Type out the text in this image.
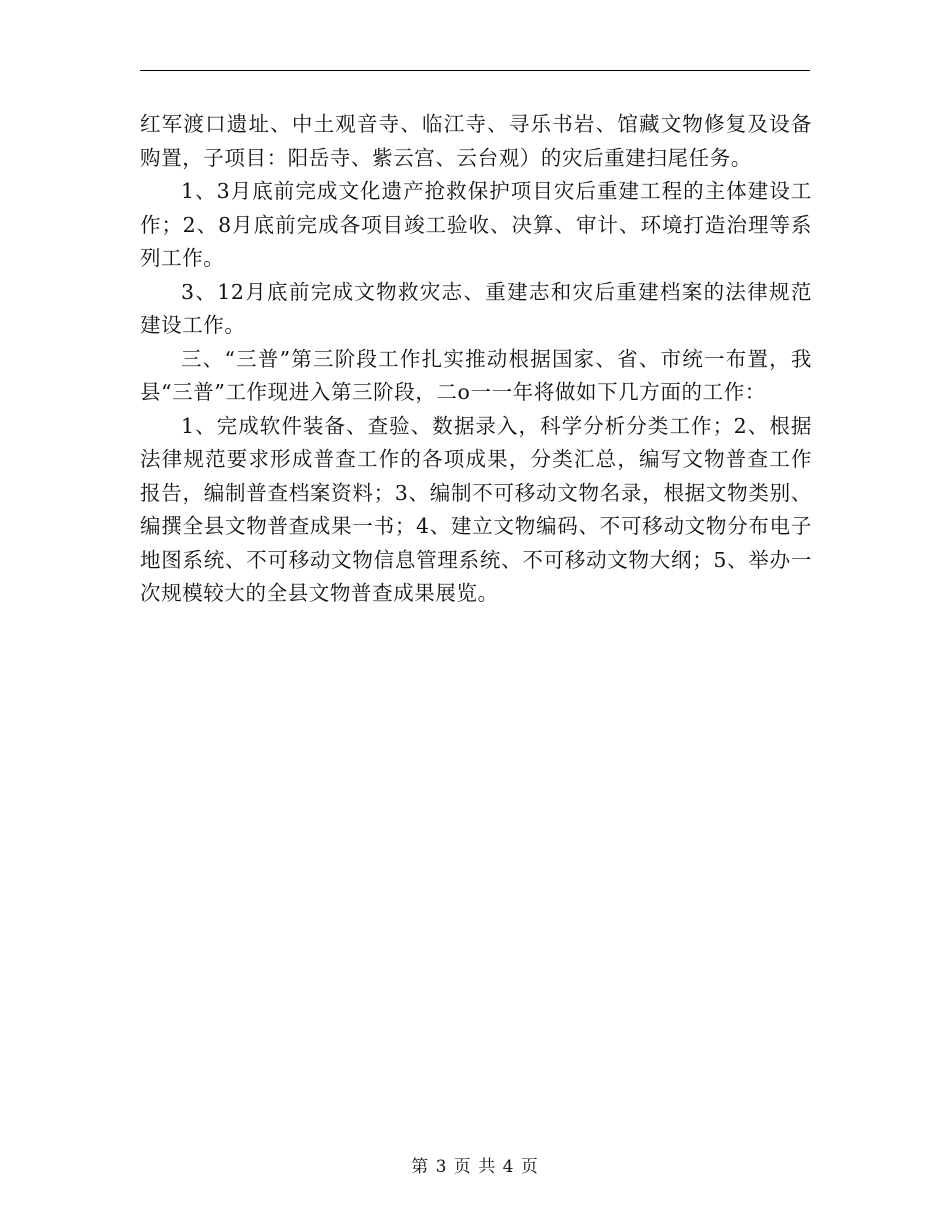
红军渡口遗址、中土观音寺、临江寺、寻乐书岩、馆藏文物修复及设备购置，子项目：阳岳寺、紫云宫、云台观）的灾后重建扫尾任务。

1、3月底前完成文化遗产抢救保护项目灾后重建工程的主体建设工作；2、8月底前完成各项目竣工验收、决算、审计、环境打造治理等系列工作。

3、12月底前完成文物救灾志、重建志和灾后重建档案的法律规范建设工作。

三、“三普”第三阶段工作扎实推动根据国家、省、市统一布置，我县“三普”工作现进入第三阶段，二o一一年将做如下几方面的工作：

1、完成软件装备、查验、数据录入，科学分析分类工作；2、根据法律规范要求形成普查工作的各项成果，分类汇总，编写文物普查工作报告，编制普查档案资料；3、编制不可移动文物名录，根据文物类别、编撰全县文物普查成果一书；4、建立文物编码、不可移动文物分布电子地图系统、不可移动文物信息管理系统、不可移动文物大纲；5、举办一次规模较大的全县文物普查成果展览。

第 3 页 共 4 页
